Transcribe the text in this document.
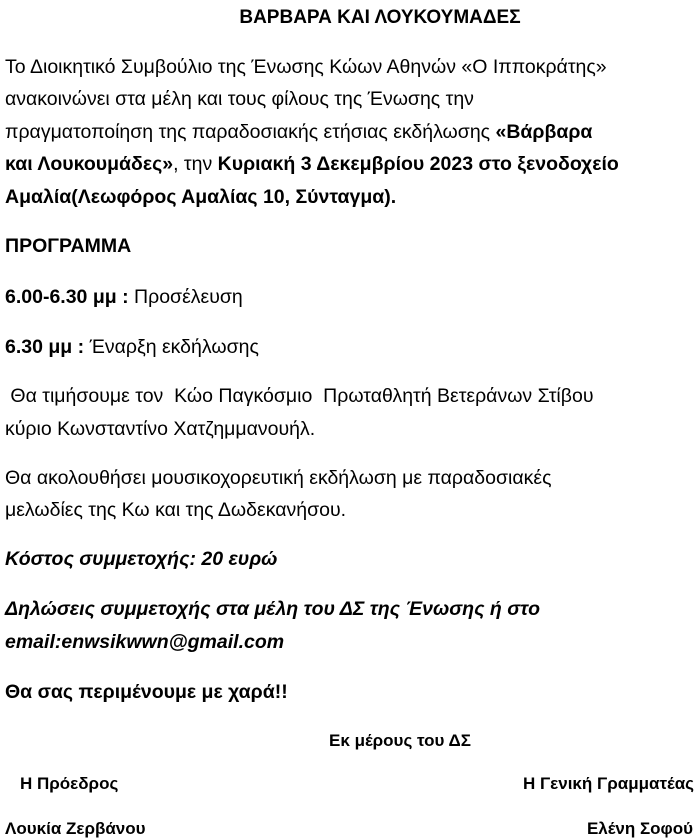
ΒΑΡΒΑΡΑ ΚΑΙ ΛΟΥΚΟΥΜΑΔΕΣ
Το Διοικητικό Συμβούλιο της Ένωσης Κώων Αθηνών «Ο Ιπποκράτης»
ανακοινώνει στα μέλη και τους φίλους της Ένωσης την
πραγματοποίηση της παραδοσιακής ετήσιας εκδήλωσης «Βάρβαρα
και Λουκουμάδες», την Κυριακή 3 Δεκεμβρίου 2023 στο ξενοδοχείο
Αμαλία(Λεωφόρος Αμαλίας 10, Σύνταγμα).
ΠΡΟΓΡΑΜΜΑ
6.00-6.30 μμ : Προσέλευση
6.30 μμ : Έναρξη εκδήλωσης
Θα τιμήσουμε τον  Κώο Παγκόσμιο  Πρωταθλητή Βετεράνων Στίβου
κύριο Κωνσταντίνο Χατζημμανουήλ.
Θα ακολουθήσει μουσικοχορευτική εκδήλωση με παραδοσιακές
μελωδίες της Κω και της Δωδεκανήσου.
Κόστος συμμετοχής: 20 ευρώ
Δηλώσεις συμμετοχής στα μέλη του ΔΣ της Ένωσης ή στο
email:enwsikwwn@gmail.com
Θα σας περιμένουμε με χαρά!!
Εκ μέρους του ΔΣ
Η Πρόεδρος	Η Γενική Γραμματέας
Λουκία Ζερβάνου	Ελένη Σοφού
